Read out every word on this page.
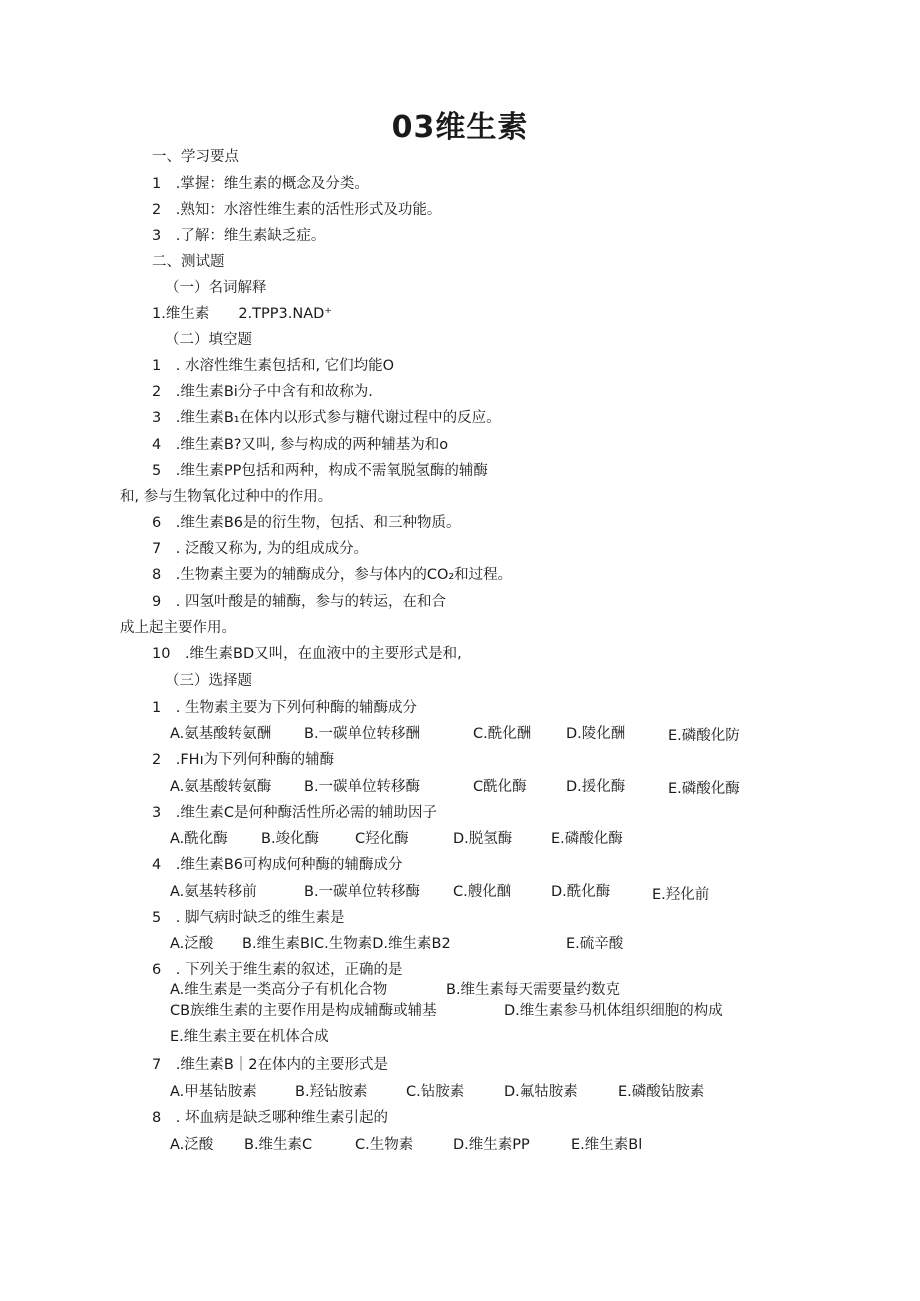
03维生素
一、学习要点
1　.掌握：维生素的概念及分类。
2　.熟知：水溶性维生素的活性形式及功能。
3　.了解：维生素缺乏症。
二、测试题
（一）名词解释
1.维生素　　2.TPP3.NAD⁺
（二）填空题
1　. 水溶性维生素包括和, 它们均能O
2　.维生素Bi分子中含有和故称为.
3　.维生素B₁在体内以形式参与糖代谢过程中的反应。
4　.维生素B?又叫, 参与构成的两种辅基为和o
5　.维生素PP包括和两种，构成不需氧脱氢酶的辅酶
和, 参与生物氧化过种中的作用。
6　.维生素B6是的衍生物，包括、和三种物质。
7　. 泛酸又称为, 为的组成成分。
8　.生物素主要为的辅酶成分，参与体内的CO₂和过程。
9　. 四氢叶酸是的辅酶，参与的转运，在和合
成上起主要作用。
10　.维生素BD又叫，在血液中的主要形式是和,
（三）选择题
1　. 生物素主要为下列何种酶的辅酶成分
A.氨基酸转氨酬 B.一碳单位转移酬	C.酰化酬 D.陵化酬	E.磷酸化防
2　.FHı为下列何种酶的辅酶
A.氨基酸转氨酶 B.一碳单位转移酶	C酰化酶	D.援化酶	E.磷酸化酶
3　.维生素C是何种酶活性所必需的辅助因子
A.酰化酶 B.竣化酶 C羟化酶	D.脱氢酶	E.磷酸化酶
4　.维生素B6可构成何种酶的辅酶成分
A.氨基转移前	B.一碳单位转移酶 C.艘化酗	D.酰化酶	E.羟化前
5　. 脚气病时缺乏的维生素是
A.泛酸 B.维生素BlC.生物素D.维生素B2	E.硫辛酸
6　. 下列关于维生素的叙述，正确的是
A.维生素是一类高分子有机化合物	B.维生素每天需要量约数克
CB族维生素的主要作用是构成辅酶或辅基	D.维生素参马机体组织细胞的构成
E.维生素主要在机体合成
7　.维生素B｜2在体内的主要形式是
A.甲基钻胺素	B.羟钻胺素	C.钻胺素	D.氟牯胺素	E.磷酸钻胺素
8　. 坏血病是缺乏哪种维生素引起的
A.泛酸 B.维生素C	C.生物素	D.维生素PP	E.维生素Bl
